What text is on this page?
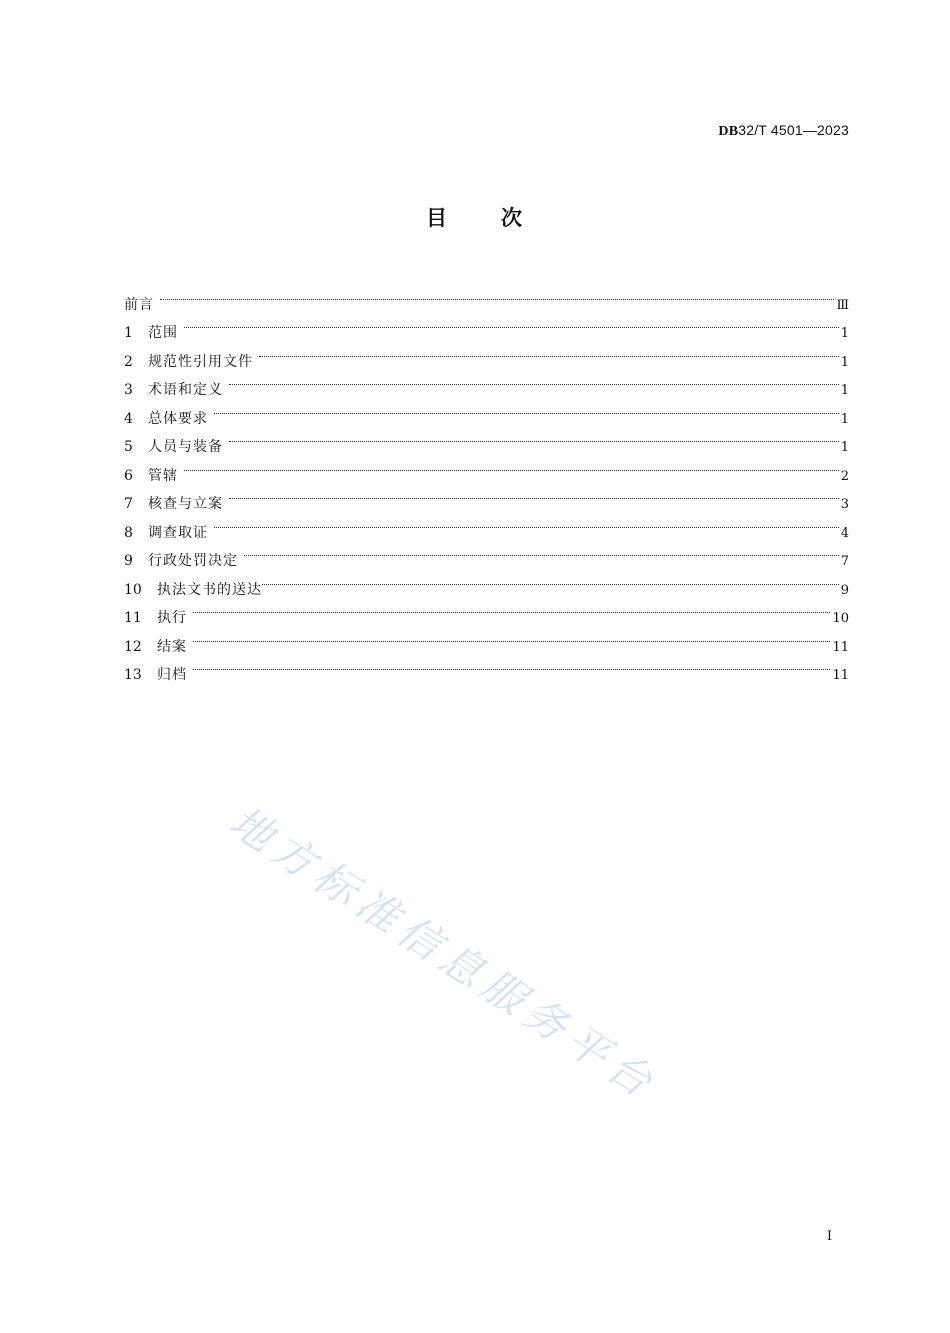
DB32/T 4501—2023
目 次
前言	Ⅲ
1	范围	1
2	规范性引用文件	1
3	术语和定义	1
4	总体要求	1
5	人员与装备	1
6	管辖	2
7	核查与立案	3
8	调查取证	4
9	行政处罚决定	7
10	执法文书的送达	9
11	执行	10
12	结案	11
13	归档	11
地方标准信息服务平台
I
